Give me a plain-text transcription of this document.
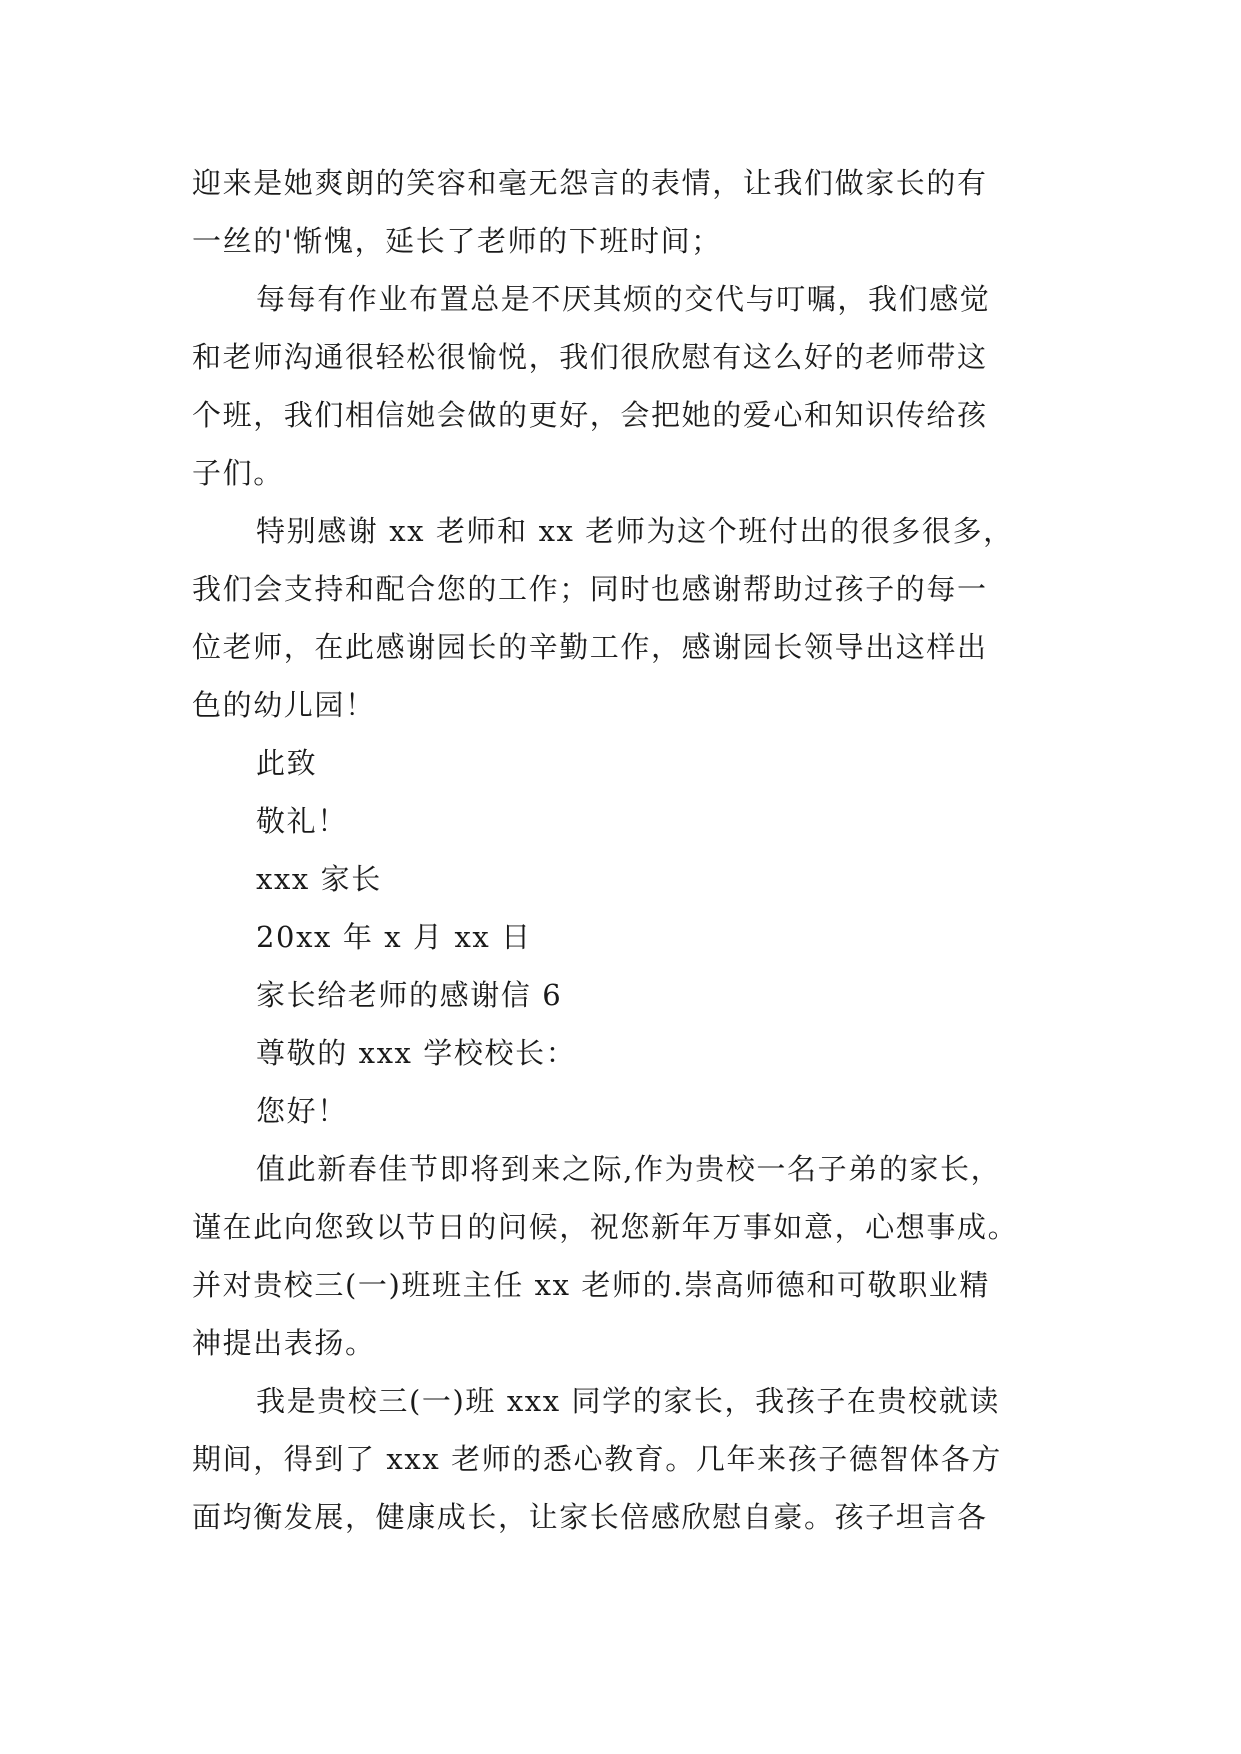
迎来是她爽朗的笑容和毫无怨言的表情，让我们做家长的有
一丝的'惭愧，延长了老师的下班时间；
每每有作业布置总是不厌其烦的交代与叮嘱，我们感觉
和老师沟通很轻松很愉悦，我们很欣慰有这么好的老师带这
个班，我们相信她会做的更好，会把她的爱心和知识传给孩
子们。
特别感谢 xx 老师和 xx 老师为这个班付出的很多很多，
我们会支持和配合您的工作；同时也感谢帮助过孩子的每一
位老师，在此感谢园长的辛勤工作，感谢园长领导出这样出
色的幼儿园！
此致
敬礼！
xxx 家长
20xx 年 x 月 xx 日
家长给老师的感谢信 6
尊敬的 xxx 学校校长：
您好！
值此新春佳节即将到来之际,作为贵校一名子弟的家长，
谨在此向您致以节日的问候，祝您新年万事如意，心想事成。
并对贵校三(一)班班主任 xx 老师的.崇高师德和可敬职业精
神提出表扬。
我是贵校三(一)班 xxx 同学的家长，我孩子在贵校就读
期间，得到了 xxx 老师的悉心教育。几年来孩子德智体各方
面均衡发展，健康成长，让家长倍感欣慰自豪。孩子坦言各
